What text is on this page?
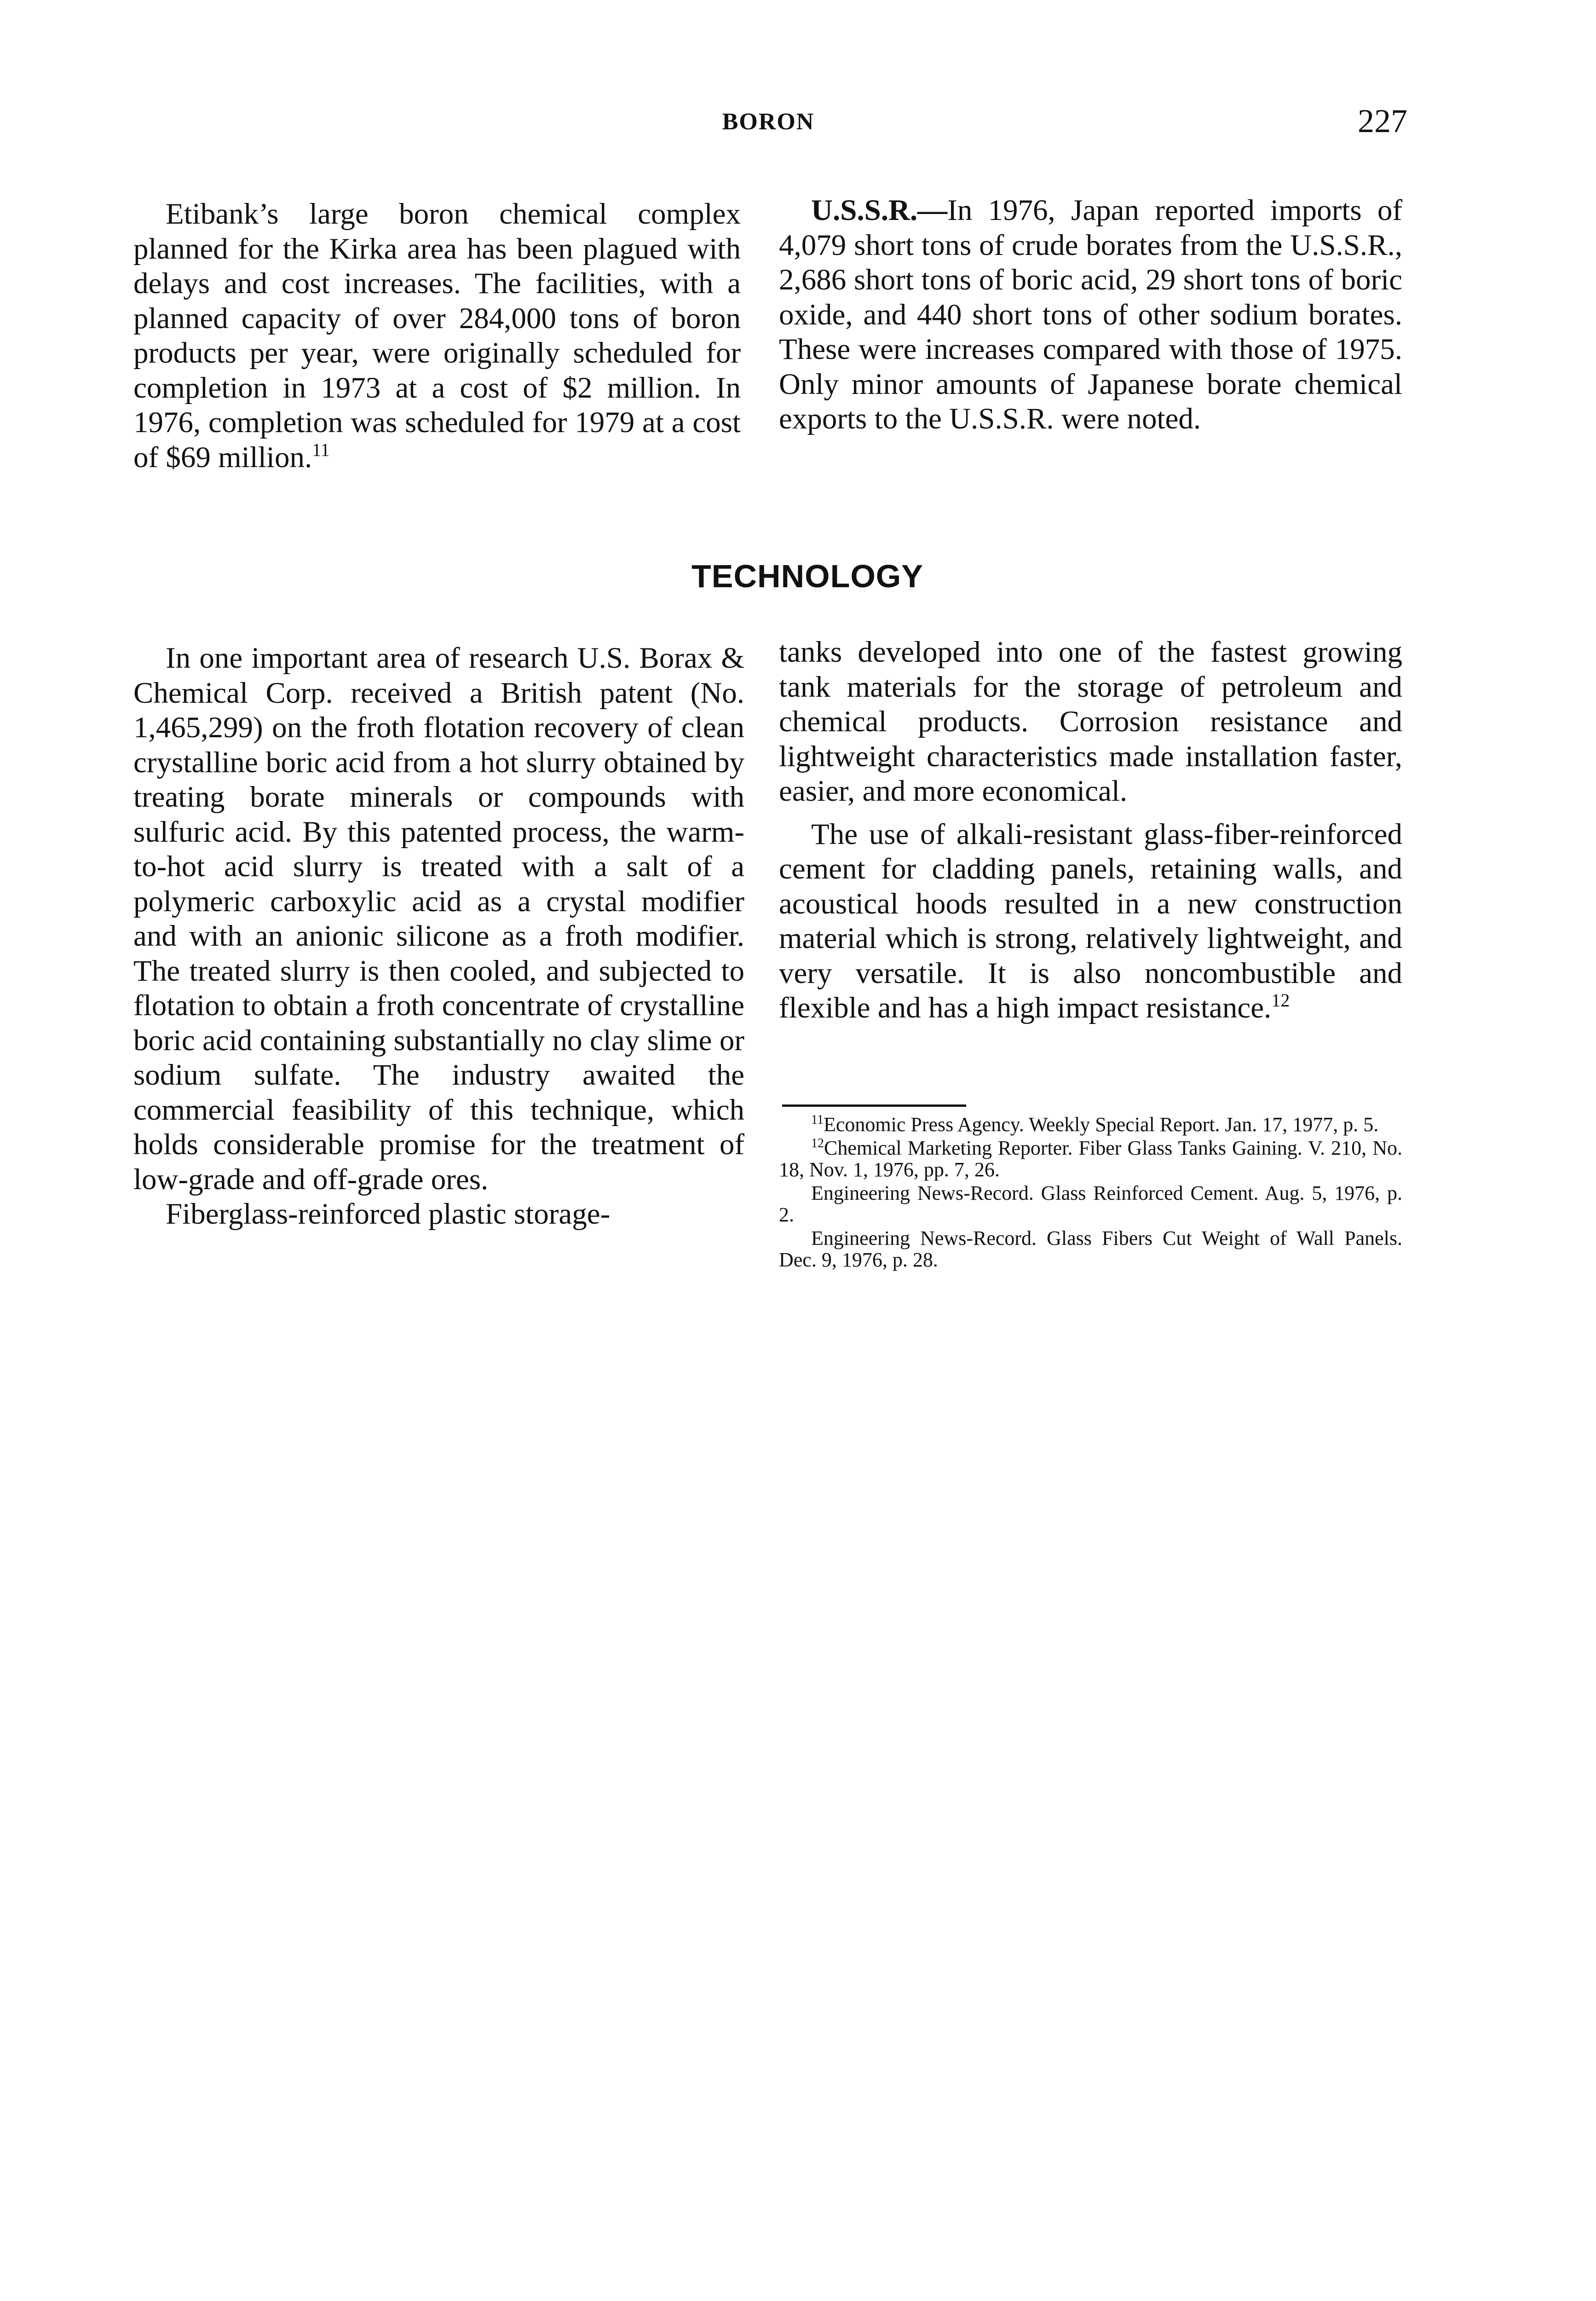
BORON	227

Etibank’s large boron chemical complex planned for the Kirka area has been plagued with delays and cost increases. The facilities, with a planned capacity of over 284,000 tons of boron products per year, were originally scheduled for completion in 1973 at a cost of $2 million. In 1976, completion was scheduled for 1979 at a cost of $69 million.$^{11}$

U.S.S.R.—In 1976, Japan reported imports of 4,079 short tons of crude borates from the U.S.S.R., 2,686 short tons of boric acid, 29 short tons of boric oxide, and 440 short tons of other sodium borates. These were increases compared with those of 1975. Only minor amounts of Japanese borate chemical exports to the U.S.S.R. were noted.

TECHNOLOGY

In one important area of research U.S. Borax & Chemical Corp. received a British patent (No. 1,465,299) on the froth flotation recovery of clean crystalline boric acid from a hot slurry obtained by treating borate minerals or compounds with sulfuric acid. By this patented process, the warm-to-hot acid slurry is treated with a salt of a polymeric carboxylic acid as a crystal modifier and with an anionic silicone as a froth modifier. The treated slurry is then cooled, and subjected to flotation to obtain a froth concentrate of crystalline boric acid containing substantially no clay slime or sodium sulfate. The industry awaited the commercial feasibility of this technique, which holds considerable promise for the treatment of low-grade and off-grade ores.

Fiberglass-reinforced plastic storage-

tanks developed into one of the fastest growing tank materials for the storage of petroleum and chemical products. Corrosion resistance and lightweight characteristics made installation faster, easier, and more economical.

The use of alkali-resistant glass-fiber-reinforced cement for cladding panels, retaining walls, and acoustical hoods resulted in a new construction material which is strong, relatively lightweight, and very versatile. It is also noncombustible and flexible and has a high impact resistance.$^{12}$

$^{11}$Economic Press Agency. Weekly Special Report. Jan. 17, 1977, p. 5.

$^{12}$Chemical Marketing Reporter. Fiber Glass Tanks Gaining. V. 210, No. 18, Nov. 1, 1976, pp. 7, 26.

Engineering News-Record. Glass Reinforced Cement. Aug. 5, 1976, p. 2.

Engineering News-Record. Glass Fibers Cut Weight of Wall Panels. Dec. 9, 1976, p. 28.
